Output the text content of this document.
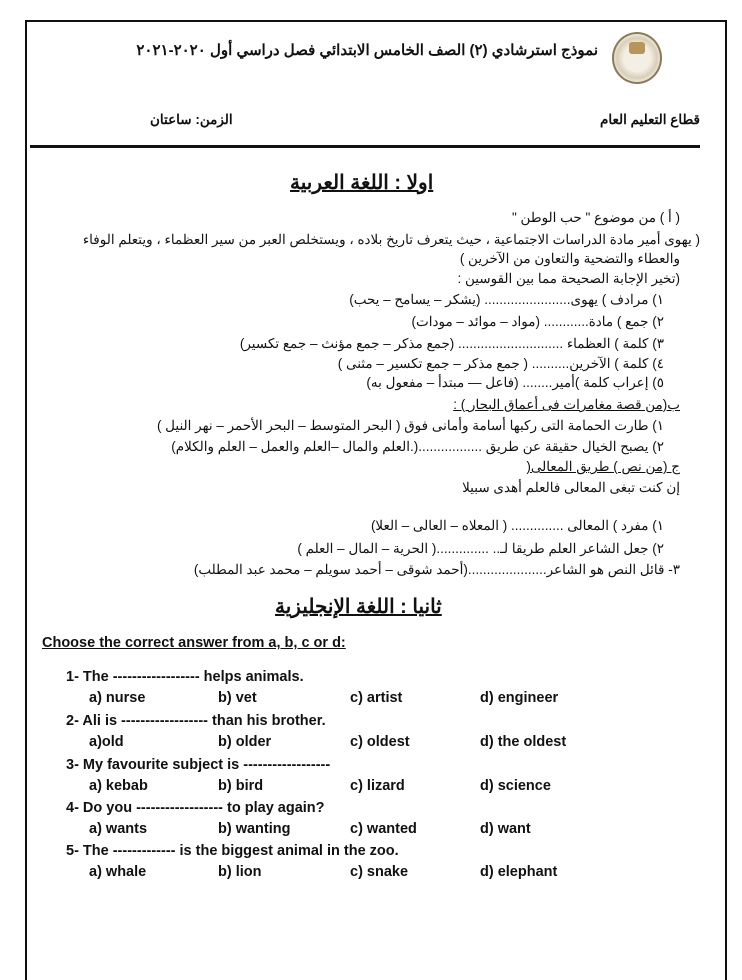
نموذج استرشادي (٢) الصف الخامس الابتدائي فصل دراسي أول ٢٠٢٠-٢٠٢١
قطاع التعليم العام
الزمن: ساعتان
اولا : اللغة العربية
( أ ) من موضوع " حب الوطن "
( يهوى أمير مادة الدراسات الاجتماعية ، حيث يتعرف تاريخ بلاده ، ويستخلص العبر من سير العظماء ، ويتعلم الوفاء
والعطاء والتضحية والتعاون من الآخرين )
(تخير الإجابة الصحيحة مما بين القوسين :
١) مرادف ) يهوى....................... (يشكر – يسامح – يحب)
٢) جمع ) مادة............ (مواد – موائد – مودات)
٣) كلمة ) العظماء ............................ (جمع مذكر – جمع مؤنث – جمع تكسير)
٤) كلمة ) الآخرين.......... ( جمع مذكر – جمع تكسير – مثنى )
٥) إعراب كلمة )أمير........ (فاعل — مبتدأ – مفعول به)
ب(من قصة مغامرات فى أعماق البحار ) :
١) طارت الحمامة التى ركبها أسامة وأمانى فوق ( البحر المتوسط – البحر الأحمر – نهر النيل )
٢) يصبح الخيال حقيقة عن طريق .................(.العلم والمال –العلم والعمل – العلم والكلام)
ج (من نص ) طريق المعالى(
إن كنت تبغى المعالى فالعلم أهدى سبيلا
١) مفرد ) المعالى .............. ( المعلاه – العالى – العلا)
٢) جعل الشاعر العلم طريقا لـ.. ..............( الحرية – المال – العلم )
٣- قائل النص هو الشاعر.....................(أحمد شوقى – أحمد سويلم – محمد عبد المطلب)
ثانيا : اللغة الإنجليزية
Choose the correct answer from a, b, c or d:
1- The ------------------ helps animals.
a) nurse	b) vet	c) artist	d) engineer
2- Ali is ------------------ than his brother.
a)old	b) older	c) oldest	d) the oldest
3- My favourite subject is ------------------
a) kebab	b) bird	c) lizard	d) science
4- Do you ------------------ to play again?
a) wants	b) wanting	c) wanted	d) want
5- The ------------- is the biggest animal in the zoo.
a) whale	b) lion	c) snake	d) elephant
